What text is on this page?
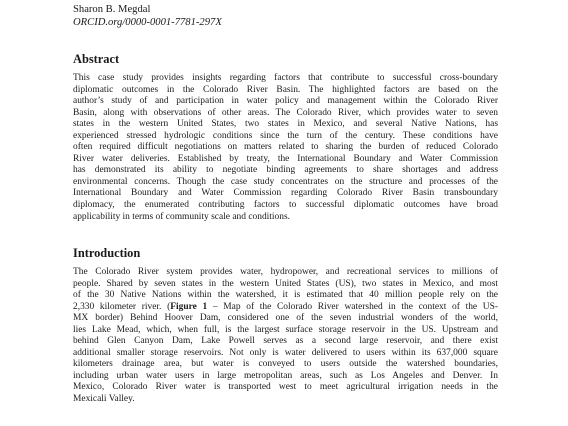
Sharon B. Megdal
ORCID.org/0000-0001-7781-297X

Abstract
This case study provides insights regarding factors that contribute to successful cross-boundary
diplomatic outcomes in the Colorado River Basin. The highlighted factors are based on the
author’s study of and participation in water policy and management within the Colorado River
Basin, along with observations of other areas. The Colorado River, which provides water to seven
states in the western United States, two states in Mexico, and several Native Nations, has
experienced stressed hydrologic conditions since the turn of the century. These conditions have
often required difficult negotiations on matters related to sharing the burden of reduced Colorado
River water deliveries. Established by treaty, the International Boundary and Water Commission
has demonstrated its ability to negotiate binding agreements to share shortages and address
environmental concerns. Though the case study concentrates on the structure and processes of the
International Boundary and Water Commission regarding Colorado River Basin transboundary
diplomacy, the enumerated contributing factors to successful diplomatic outcomes have broad
applicability in terms of community scale and conditions.
Introduction
The Colorado River system provides water, hydropower, and recreational services to millions of
people. Shared by seven states in the western United States (US), two states in Mexico, and most
of the 30 Native Nations within the watershed, it is estimated that 40 million people rely on the
2,330 kilometer river. (Figure 1 – Map of the Colorado River watershed in the context of the US-
MX border) Behind Hoover Dam, considered one of the seven industrial wonders of the world,
lies Lake Mead, which, when full, is the largest surface storage reservoir in the US. Upstream and
behind Glen Canyon Dam, Lake Powell serves as a second large reservoir, and there exist
additional smaller storage reservoirs. Not only is water delivered to users within its 637,000 square
kilometers drainage area, but water is conveyed to users outside the watershed boundaries,
including urban water users in large metropolitan areas, such as Los Angeles and Denver. In
Mexico, Colorado River water is transported west to meet agricultural irrigation needs in the
Mexicali Valley.
